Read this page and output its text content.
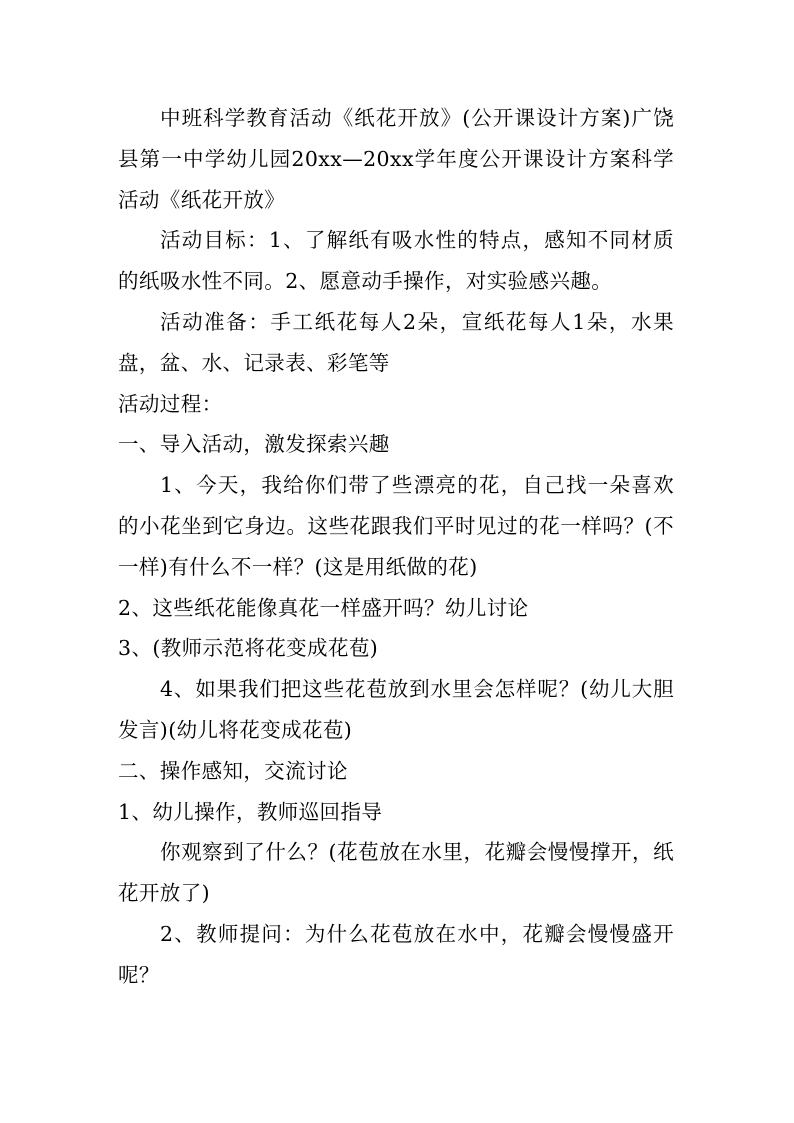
中班科学教育活动《纸花开放》(公开课设计方案)广饶县第一中学幼儿园20xx—20xx学年度公开课设计方案科学活动《纸花开放》

活动目标：1、了解纸有吸水性的特点，感知不同材质的纸吸水性不同。2、愿意动手操作，对实验感兴趣。

活动准备：手工纸花每人2朵，宣纸花每人1朵，水果盘，盆、水、记录表、彩笔等

活动过程：

一、导入活动，激发探索兴趣

1、今天，我给你们带了些漂亮的花，自己找一朵喜欢的小花坐到它身边。这些花跟我们平时见过的花一样吗？(不一样)有什么不一样？(这是用纸做的花)

2、这些纸花能像真花一样盛开吗？幼儿讨论

3、(教师示范将花变成花苞)

4、如果我们把这些花苞放到水里会怎样呢？(幼儿大胆发言)(幼儿将花变成花苞)

二、操作感知，交流讨论

1、幼儿操作，教师巡回指导

你观察到了什么？(花苞放在水里，花瓣会慢慢撑开，纸花开放了)

2、教师提问：为什么花苞放在水中，花瓣会慢慢盛开呢？
